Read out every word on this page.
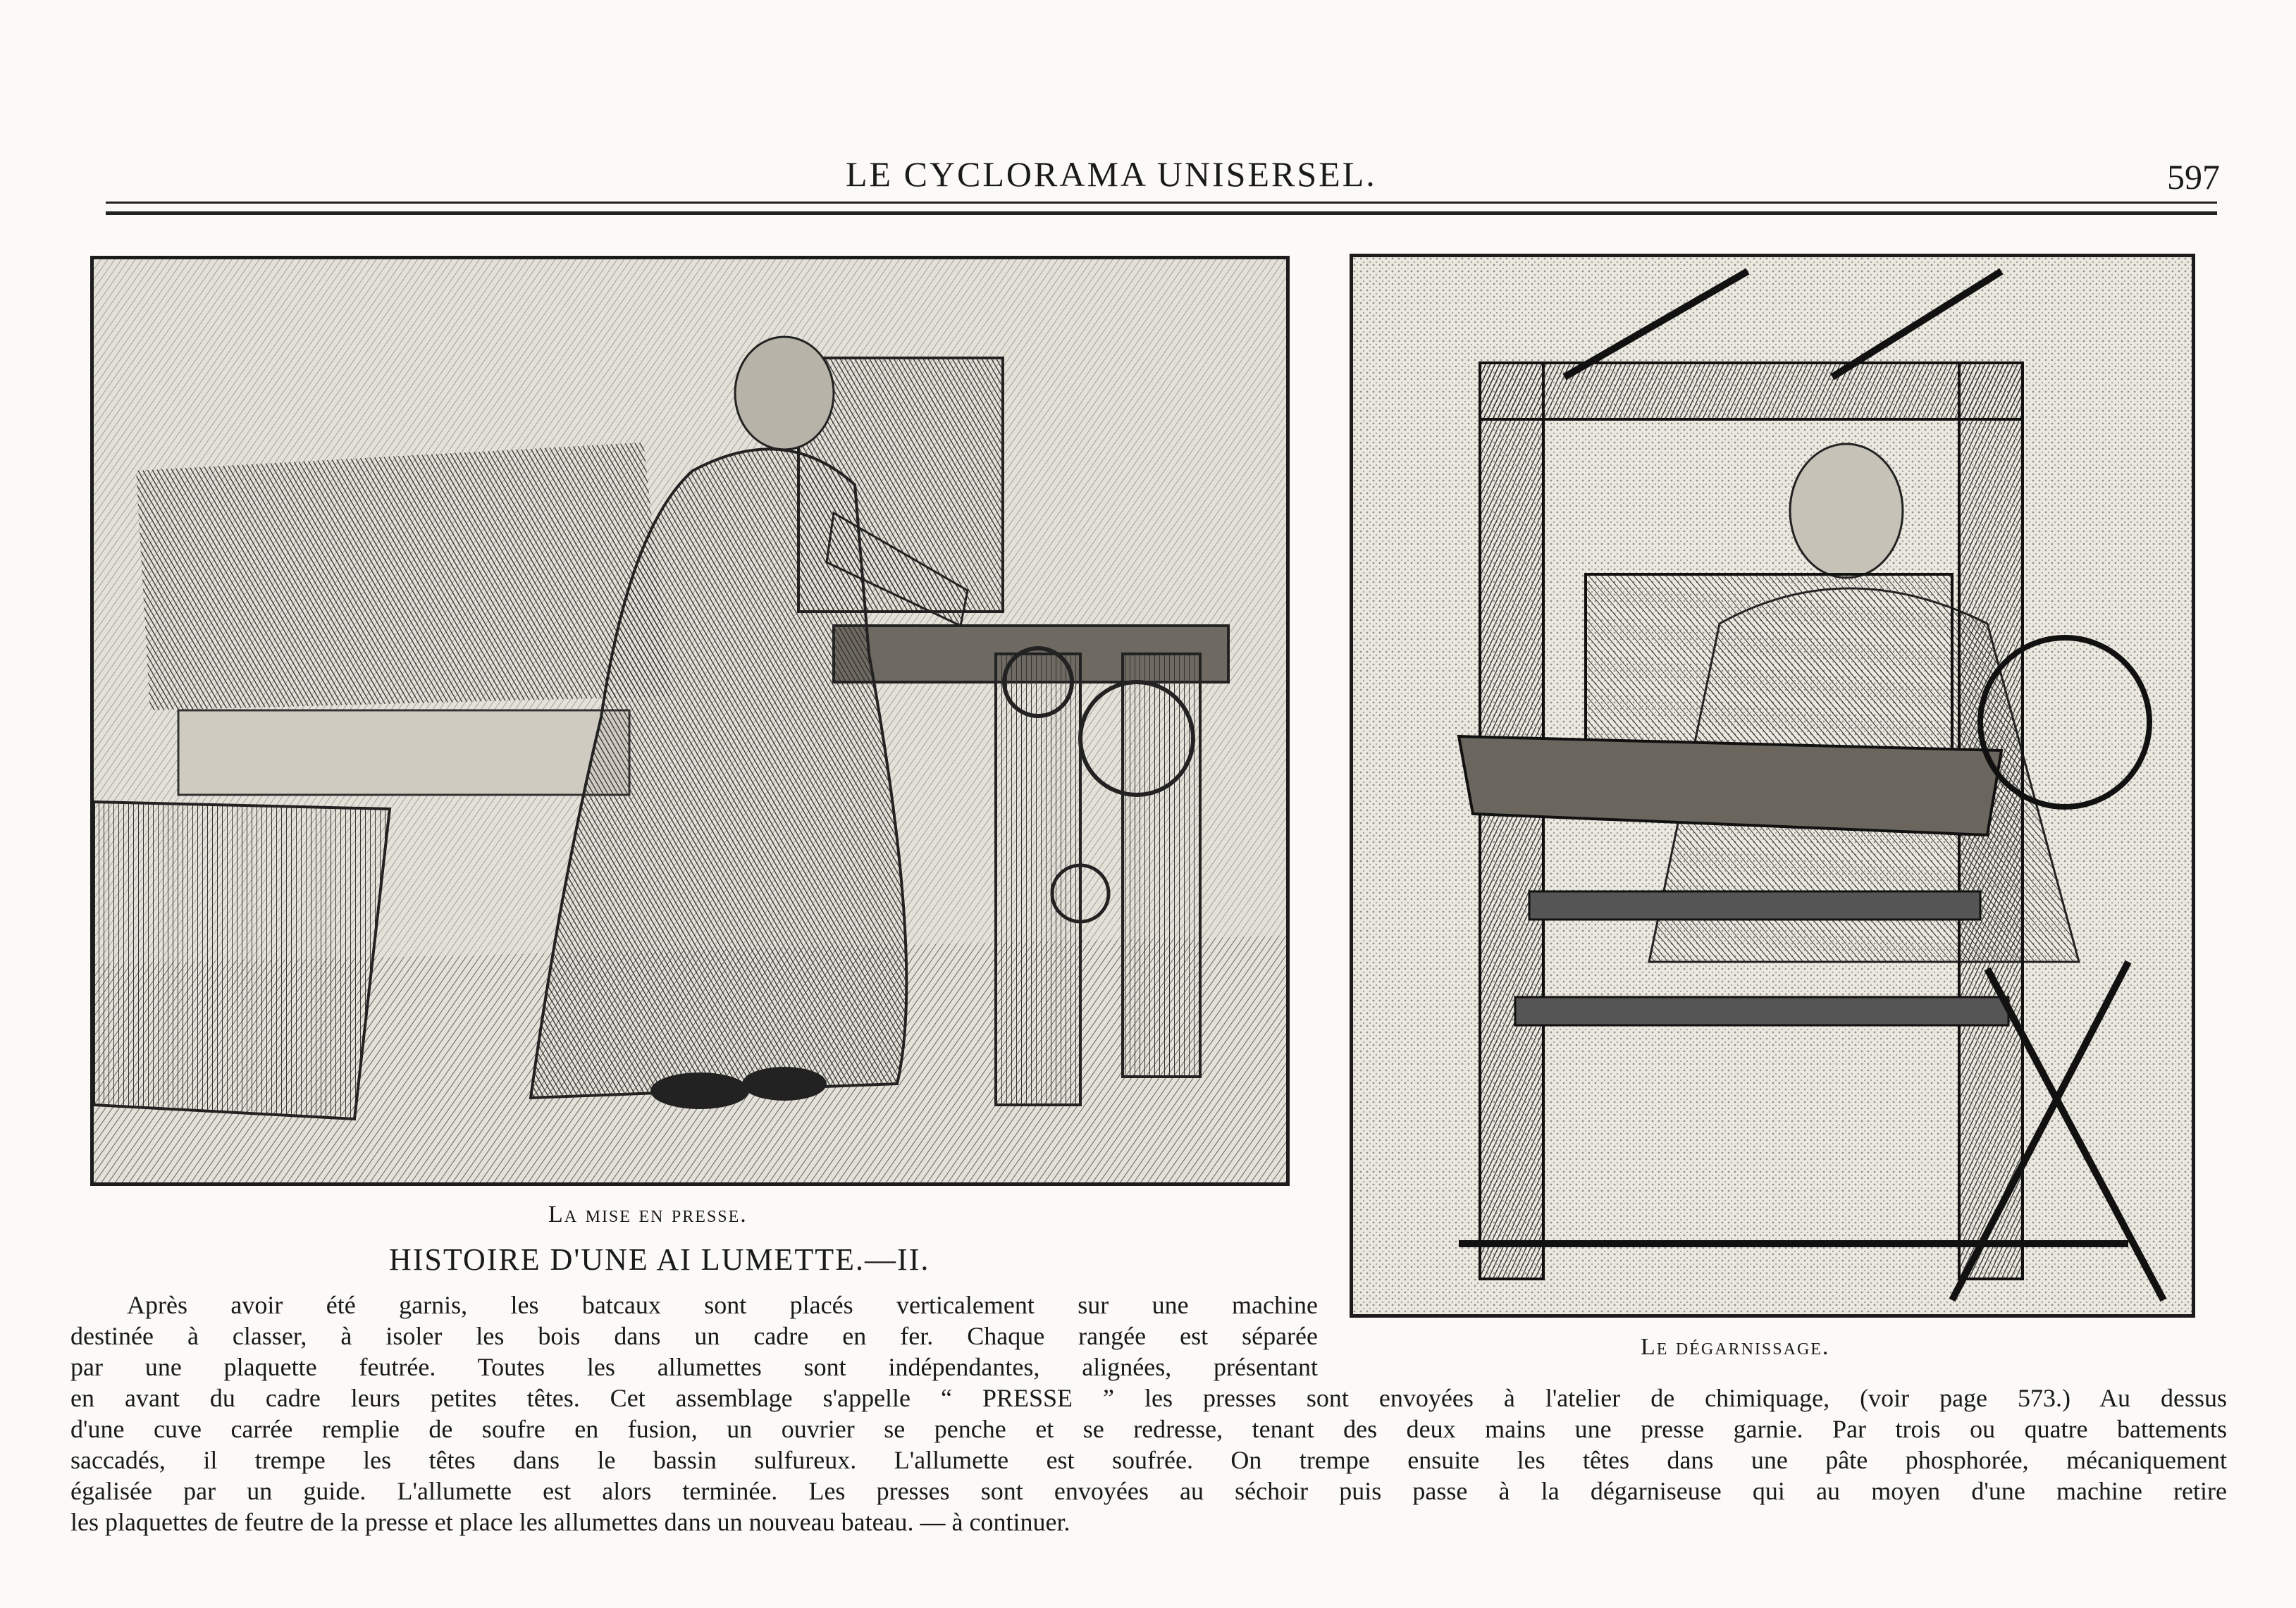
LE CYCLORAMA UNISERSEL.	597
La mise en presse.
Le dégarnissage.
HISTOIRE D'UNE AI LUMETTE.—II.
Après avoir été garnis, les batcaux sont placés verticalement sur une machine
destinée à classer, à isoler les bois dans un cadre en fer. Chaque rangée est séparée
par une plaquette feutrée. Toutes les allumettes sont indépendantes, alignées, présentant
en avant du cadre leurs petites têtes. Cet assemblage s'appelle “ PRESSE ” les presses sont envoyées à l'atelier de chimiquage, (voir page 573.) Au dessus
d'une cuve carrée remplie de soufre en fusion, un ouvrier se penche et se redresse, tenant des deux mains une presse garnie. Par trois ou quatre battements
saccadés, il trempe les têtes dans le bassin sulfureux. L'allumette est soufrée. On trempe ensuite les têtes dans une pâte phosphorée, mécaniquement
égalisée par un guide. L'allumette est alors terminée. Les presses sont envoyées au séchoir puis passe à la dégarniseuse qui au moyen d'une machine retire
les plaquettes de feutre de la presse et place les allumettes dans un nouveau bateau. — à continuer.
